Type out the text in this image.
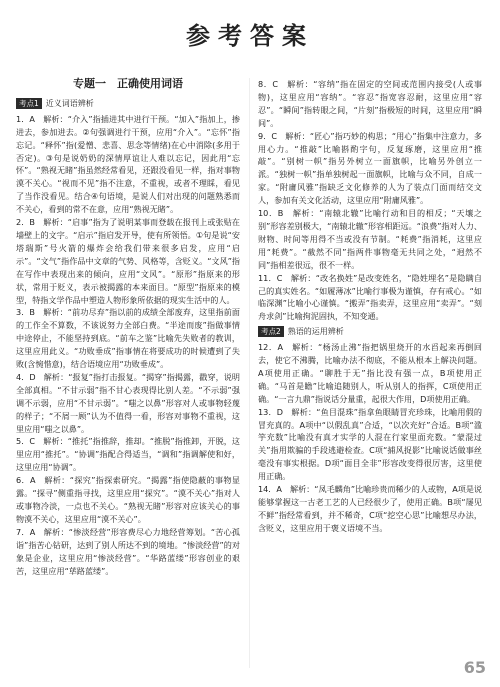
参考答案
专题一　正确使用词语
考点1 近义词语辨析

1．A　解析：“介入”指插进其中进行干预。“加入”指加上，掺进去，参加进去。②句强调进行干预，应用“介入”。“忘怀”指忘记。“释怀”指(爱憎、悲喜、思念等情绪)在心中消除(多用于否定)。③句是说奶奶的深情厚谊让人难以忘记，因此用“忘怀”。“熟视无睹”指虽然经常看见，还跟没看见一样，指对事物漠不关心。“视而不见”指不注意，不重视，或者不理睬，看见了当作没看见。结合④句语境，是说人们对出现的问题熟悉而不关心，看到的常不在意，应用“熟视无睹”。

2．B　解析：“启事”指为了说明某事而登载在报刊上或张贴在墙壁上的文字。“启示”指启发开导，使有所领悟。①句是说“安塔瑞斯”号火箭的爆炸会给我们带来很多启发，应用“启示”。“文气”指作品中文章的气势、风格等，含贬义。“文风”指在写作中表现出来的倾向，应用“文风”。“原形”指原来的形状，常用于贬义，表示被揭露的本来面目。“原型”指原来的模型，特指文学作品中塑造人物形象所依据的现实生活中的人。

3．B　解析：“前功尽弃”指以前的成绩全部废弃，这里指前面的工作全不算数，不该说努力全部白费。“半途而废”指做事情中途停止，不能坚持到底。“前车之鉴”比喻先失败者的教训，这里应用此义。“功败垂成”指事情在将要成功的时候遭到了失败(含惋惜意)，结合语境应用“功败垂成”。

4．D　解析：“报复”指打击报复。“揭穿”指揭露，戳穿，说明全部真相。“不甘示弱”指不甘心表现得比别人差。“不示弱”强调不示弱，应用“不甘示弱”。“嗤之以鼻”形容对人或事物轻蔑的样子；“不屑一顾”认为不值得一看，形容对事物不重视，这里应用“嗤之以鼻”。

5．C　解析：“推托”指推辞，推却。“推脱”指推卸，开脱，这里应用“推托”。“协调”指配合得适当，“调和”指调解使和好，这里应用“协调”。

6．A　解析：“探究”指探索研究。“揭露”指使隐蔽的事物显露。“探寻”侧重指寻找，这里应用“探究”。“漠不关心”指对人或事物冷淡，一点也不关心。“熟视无睹”形容对应该关心的事物漠不关心，这里应用“漠不关心”。

7．A　解析：“惨淡经营”形容费尽心力地经营筹划。“苦心孤诣”指苦心钻研，达到了别人所达不到的境地。“惨淡经营”的对象是企业，这里应用“惨淡经营”。“华路蓝缕”形容创业的艰苦，这里应用“荜路蓝缕”。

8．C　解析：“容纳”指在固定的空间或范围内接受(人或事物)，这里应用“容纳”。“容忍”指宽容忍耐，这里应用“容忍”。“瞬间”指转眼之间，“片刻”指极短的时间，这里应用“瞬间”。

9．C　解析：“匠心”指巧妙的构思；“用心”指集中注意力，多用心力。“推敲”比喻斟酌字句，反复琢磨，这里应用“推敲”。“别树一帜”指另外树立一面旗帜，比喻另外创立一派。“独树一帜”指单独树起一面旗帜，比喻与众不同，自成一家。“附庸风雅”指缺乏文化修养的人为了装点门面而结交文人，参加有关文化活动，这里应用“附庸风雅”。

10．B　解析：“南辕北辙”比喻行动和目的相反；“天壤之别”形容差别极大，“南辕北辙”形容相距远。“浪费”指对人力、财物、时间等用得不当或没有节制。“耗费”指消耗，这里应用“耗费”。“截然不同”指两件事物毫无共同之处，“迥然不同”指相差很远，很不一样。

11．C　解析：“改名换姓”是改变姓名，“隐姓埋名”是隐瞒自己的真实姓名。“如履薄冰”比喻行事极为谨慎，存有戒心。“如临深渊”比喻小心谨慎。“搬弄”指卖弄，这里应用“卖弄”。“刻舟求剑”比喻拘泥固执，不知变通。

考点2 熟语的运用辨析

12．A　解析：“杨汤止沸”指把锅里烧开的水舀起来再倒回去，使它不沸腾，比喻办法不彻底，不能从根本上解决问题。A项使用正确。“聊胜于无”指比没有强一点，B项使用正确。“马首是瞻”比喻追随别人，听从别人的指挥，C项使用正确。“一言九鼎”指说话分量重，起很大作用，D项使用正确。

13．D　解析：“鱼目混珠”指拿鱼眼睛冒充珍珠，比喻用假的冒充真的。A项中“以假乱真”合适，“以次充好”合适。B项“滥竽充数”比喻没有真才实学的人混在行家里面充数。“蒙混过关”指用欺骗的手段逃避检查。C项“捕风捉影”比喻说话做事丝毫没有事实根据。D项“面目全非”形容改变得很厉害，这里使用正确。

14．A　解析：“凤毛麟角”比喻珍贵而稀少的人或物，A项是说能够掌握这一古老工艺的人已经很少了，使用正确。B项“屡见不鲜”指经常看到，并不稀奇，C项“挖空心思”比喻想尽办法，含贬义，这里应用于褒义语境不当。

65
